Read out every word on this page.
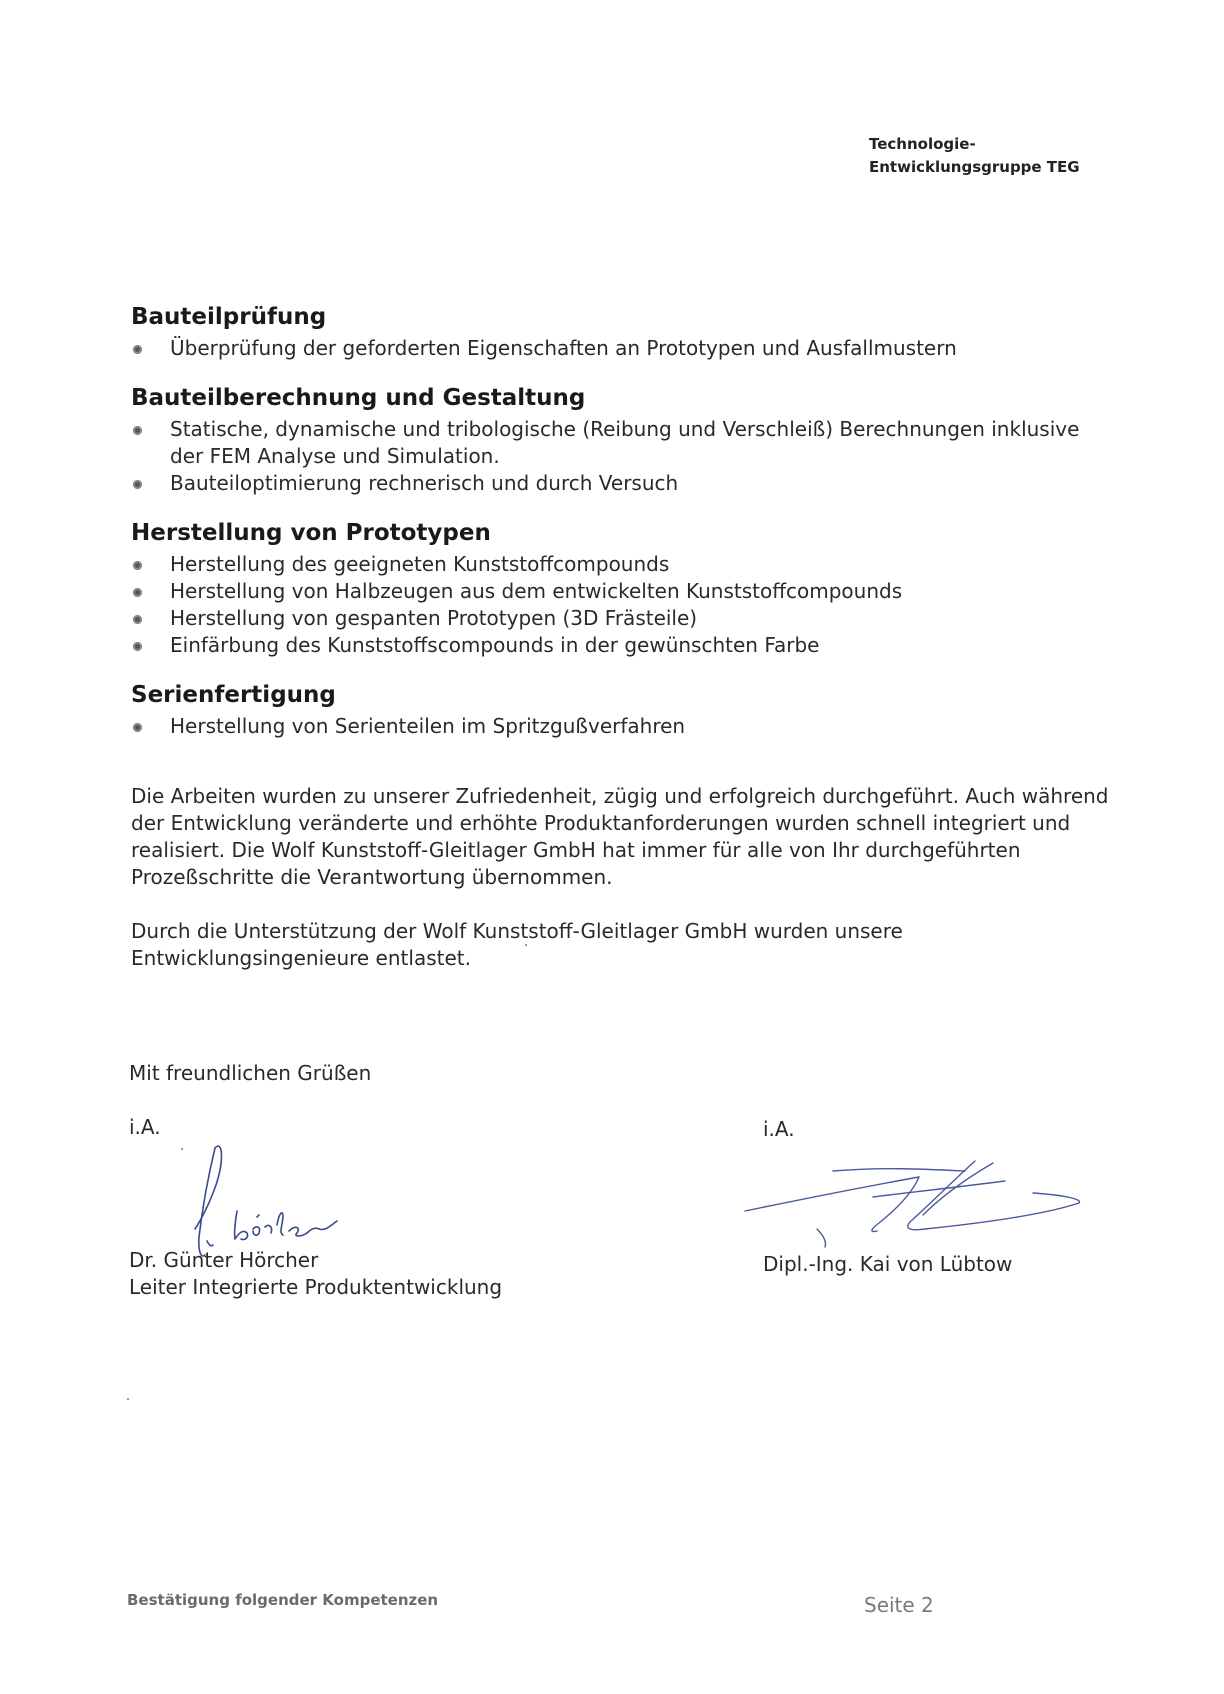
Technologie-
Entwicklungsgruppe TEG
Bauteilprüfung
Überprüfung der geforderten Eigenschaften an Prototypen und Ausfallmustern
Bauteilberechnung und Gestaltung
Statische, dynamische und tribologische (Reibung und Verschleiß) Berechnungen inklusive der FEM Analyse und Simulation.
Bauteiloptimierung rechnerisch und durch Versuch
Herstellung von Prototypen
Herstellung des geeigneten Kunststoffcompounds
Herstellung von Halbzeugen aus dem entwickelten Kunststoffcompounds
Herstellung von gespanten Prototypen (3D Frästeile)
Einfärbung des Kunststoffscompounds in der gewünschten Farbe
Serienfertigung
Herstellung von Serienteilen im Spritzgußverfahren

Die Arbeiten wurden zu unserer Zufriedenheit, zügig und erfolgreich durchgeführt. Auch während der Entwicklung veränderte und erhöhte Produktanforderungen wurden schnell integriert und realisiert. Die Wolf Kunststoff-Gleitlager GmbH hat immer für alle von Ihr durchgeführten Prozeßschritte die Verantwortung übernommen.

Durch die Unterstützung der Wolf Kunststoff-Gleitlager GmbH wurden unsere Entwicklungsingenieure entlastet.

Mit freundlichen Grüßen
i.A.
Dr. Günter Hörcher
Leiter Integrierte Produktentwicklung
i.A.
Dipl.-Ing. Kai von Lübtow
Bestätigung folgender Kompetenzen	Seite 2
